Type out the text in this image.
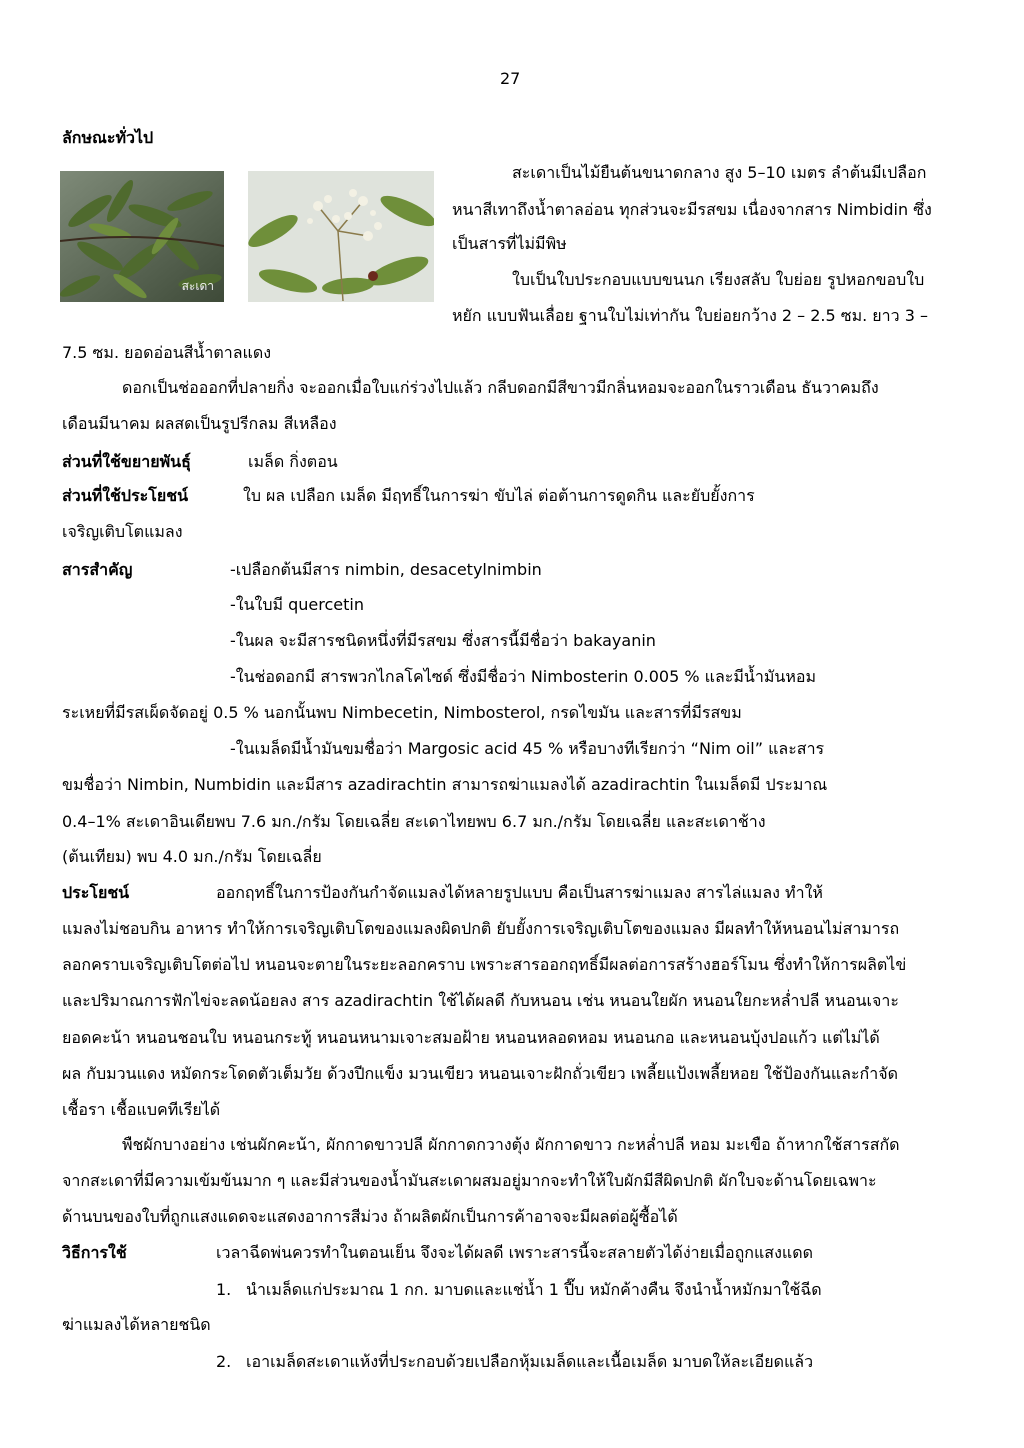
27
ลักษณะทั่วไป
สะเดา
สะเดาเป็นไม้ยืนต้นขนาดกลาง สูง 5–10 เมตร ลำต้นมีเปลือก
หนาสีเทาถึงน้ำตาลอ่อน ทุกส่วนจะมีรสขม เนื่องจากสาร Nimbidin ซึ่ง
เป็นสารที่ไม่มีพิษ
ใบเป็นใบประกอบแบบขนนก เรียงสลับ ใบย่อย รูปหอกขอบใบ
หยัก แบบฟันเลื่อย ฐานใบไม่เท่ากัน ใบย่อยกว้าง 2 – 2.5 ซม. ยาว 3 –
7.5 ซม. ยอดอ่อนสีน้ำตาลแดง
ดอกเป็นช่อออกที่ปลายกิ่ง จะออกเมื่อใบแก่ร่วงไปแล้ว กลีบดอกมีสีขาวมีกลิ่นหอมจะออกในราวเดือน ธันวาคมถึง
เดือนมีนาคม ผลสดเป็นรูปรีกลม สีเหลือง
ส่วนที่ใช้ขยายพันธุ์	เมล็ด กิ่งตอน
ส่วนที่ใช้ประโยชน์	ใบ ผล เปลือก เมล็ด มีฤทธิ์ในการฆ่า ขับไล่ ต่อต้านการดูดกิน และยับยั้งการ
เจริญเติบโตแมลง
สารสำคัญ	-เปลือกต้นมีสาร nimbin, desacetylnimbin
-ในใบมี quercetin
-ในผล จะมีสารชนิดหนึ่งที่มีรสขม ซึ่งสารนี้มีชื่อว่า bakayanin
-ในช่อดอกมี สารพวกไกลโคไซด์ ซึ่งมีชื่อว่า Nimbosterin 0.005 % และมีน้ำมันหอม
ระเหยที่มีรสเผ็ดจัดอยู่ 0.5 % นอกนั้นพบ Nimbecetin, Nimbosterol, กรดไขมัน และสารที่มีรสขม
-ในเมล็ดมีน้ำมันขมชื่อว่า Margosic acid 45 % หรือบางทีเรียกว่า “Nim oil” และสาร
ขมชื่อว่า Nimbin, Numbidin และมีสาร azadirachtin สามารถฆ่าแมลงได้ azadirachtin ในเมล็ดมี ประมาณ
0.4–1% สะเดาอินเดียพบ 7.6 มก./กรัม โดยเฉลี่ย สะเดาไทยพบ 6.7 มก./กรัม โดยเฉลี่ย และสะเดาช้าง
(ต้นเทียม) พบ 4.0 มก./กรัม โดยเฉลี่ย
ประโยชน์	ออกฤทธิ์ในการป้องกันกำจัดแมลงได้หลายรูปแบบ คือเป็นสารฆ่าแมลง สารไล่แมลง ทำให้
แมลงไม่ชอบกิน อาหาร ทำให้การเจริญเติบโตของแมลงผิดปกติ ยับยั้งการเจริญเติบโตของแมลง มีผลทำให้หนอนไม่สามารถ
ลอกคราบเจริญเติบโตต่อไป หนอนจะตายในระยะลอกคราบ เพราะสารออกฤทธิ์มีผลต่อการสร้างฮอร์โมน ซึ่งทำให้การผลิตไข่
และปริมาณการฟักไข่จะลดน้อยลง สาร azadirachtin ใช้ได้ผลดี กับหนอน เช่น หนอนใยผัก หนอนใยกะหล่ำปลี หนอนเจาะ
ยอดคะน้า หนอนชอนใบ หนอนกระทู้ หนอนหนามเจาะสมอฝ้าย หนอนหลอดหอม หนอนกอ และหนอนบุ้งปอแก้ว แต่ไม่ได้
ผล กับมวนแดง หมัดกระโดดตัวเต็มวัย ด้วงปีกแข็ง มวนเขียว หนอนเจาะฝักถั่วเขียว เพลี้ยแป้งเพลี้ยหอย ใช้ป้องกันและกำจัด
เชื้อรา เชื้อแบคทีเรียได้
พืชผักบางอย่าง เช่นผักคะน้า, ผักกาดขาวปลี ผักกาดกวางตุ้ง ผักกาดขาว กะหล่ำปลี หอม มะเขือ ถ้าหากใช้สารสกัด
จากสะเดาที่มีความเข้มข้นมาก ๆ และมีส่วนของน้ำมันสะเดาผสมอยู่มากจะทำให้ใบผักมีสีผิดปกติ ผักใบจะด้านโดยเฉพาะ
ด้านบนของใบที่ถูกแสงแดดจะแสดงอาการสีม่วง ถ้าผลิตผักเป็นการค้าอาจจะมีผลต่อผู้ซื้อได้
วิธีการใช้	เวลาฉีดพ่นควรทำในตอนเย็น จึงจะได้ผลดี เพราะสารนี้จะสลายตัวได้ง่ายเมื่อถูกแสงแดด
1. นำเมล็ดแก่ประมาณ 1 กก. มาบดและแช่น้ำ 1 ปี๊บ หมักค้างคืน จึงนำน้ำหมักมาใช้ฉีด
ฆ่าแมลงได้หลายชนิด
2. เอาเมล็ดสะเดาแห้งที่ประกอบด้วยเปลือกหุ้มเมล็ดและเนื้อเมล็ด มาบดให้ละเอียดแล้ว
